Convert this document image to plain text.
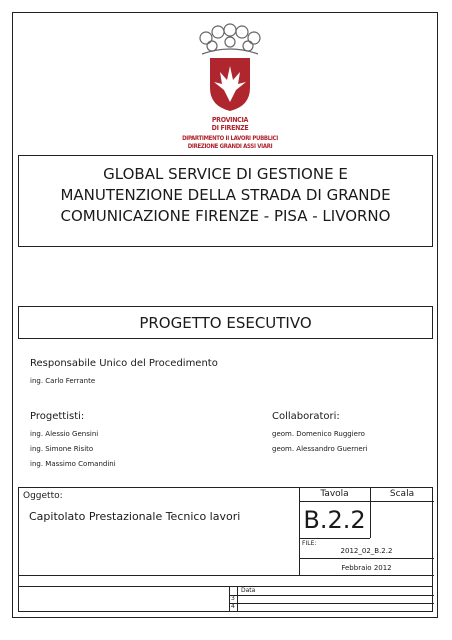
PROVINCIA
DI FIRENZE
DIPARTIMENTO II LAVORI PUBBLICI
DIREZIONE GRANDI ASSI VIARI
GLOBAL SERVICE DI GESTIONE E
MANUTENZIONE DELLA STRADA DI GRANDE
COMUNICAZIONE FIRENZE - PISA - LIVORNO
PROGETTO ESECUTIVO
Responsabile Unico del Procedimento
ing. Carlo Ferrante
Progettisti:
ing. Alessio Gensini
ing. Simone Risito
ing. Massimo Comandini
Collaboratori:
geom. Domenico Ruggiero
geom. Alessandro Guerneri
Oggetto:
Capitolato Prestazionale Tecnico lavori
Tavola	Scala
B.2.2
FILE:
2012_02_B.2.2
Febbraio 2012
Data
3
4
